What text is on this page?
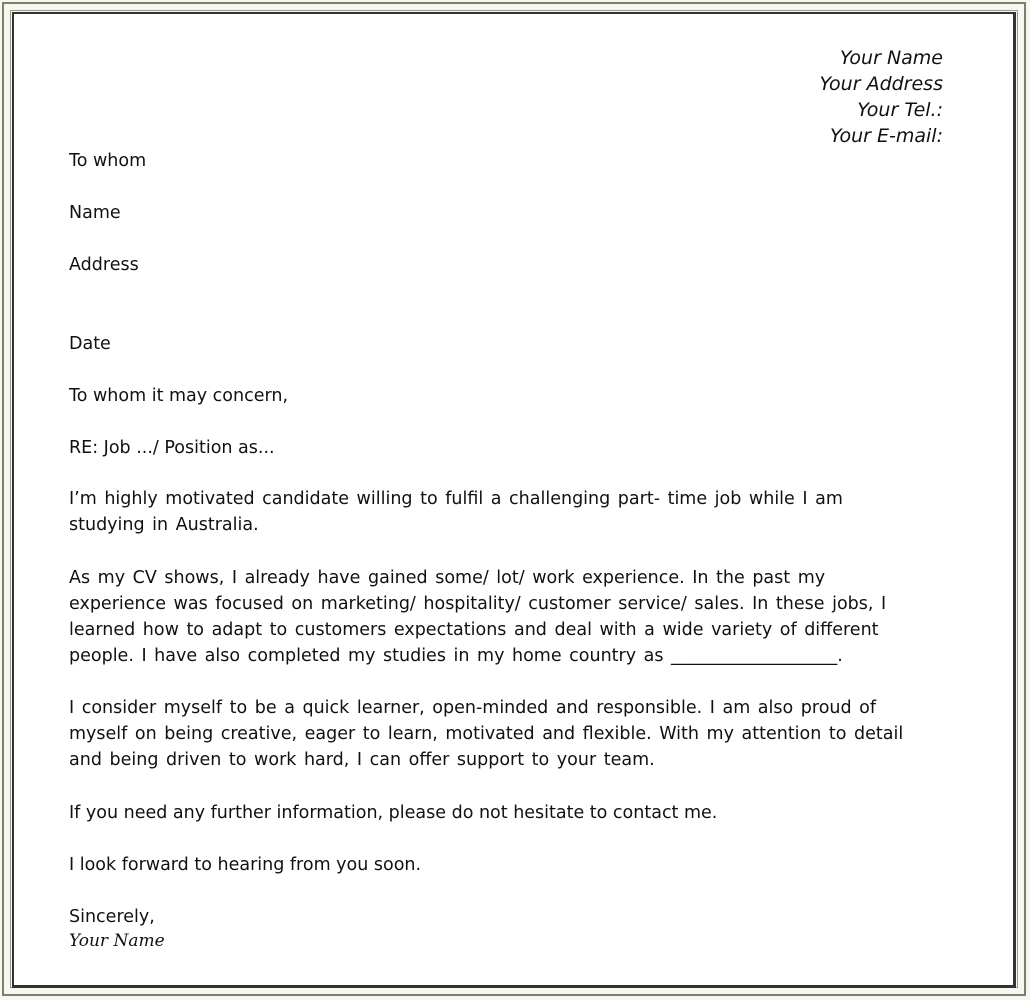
Your Name
Your Address
Your Tel.:
Your E-mail:
To whom
Name
Address
Date
To whom it may concern,
RE: Job .../ Position as...
I’m highly motivated candidate willing to fulfil a challenging part- time job while I am
studying in Australia.
As my CV shows, I already have gained some/ lot/ work experience. In the past my
experience was focused on marketing/ hospitality/ customer service/ sales. In these jobs, I
learned how to adapt to customers expectations and deal with a wide variety of different
people. I have also completed my studies in my home country as ___________________.
I consider myself to be a quick learner, open-minded and responsible. I am also proud of
myself on being creative, eager to learn, motivated and flexible. With my attention to detail
and being driven to work hard, I can offer support to your team.
If you need any further information, please do not hesitate to contact me.
I look forward to hearing from you soon.
Sincerely,
Your Name
